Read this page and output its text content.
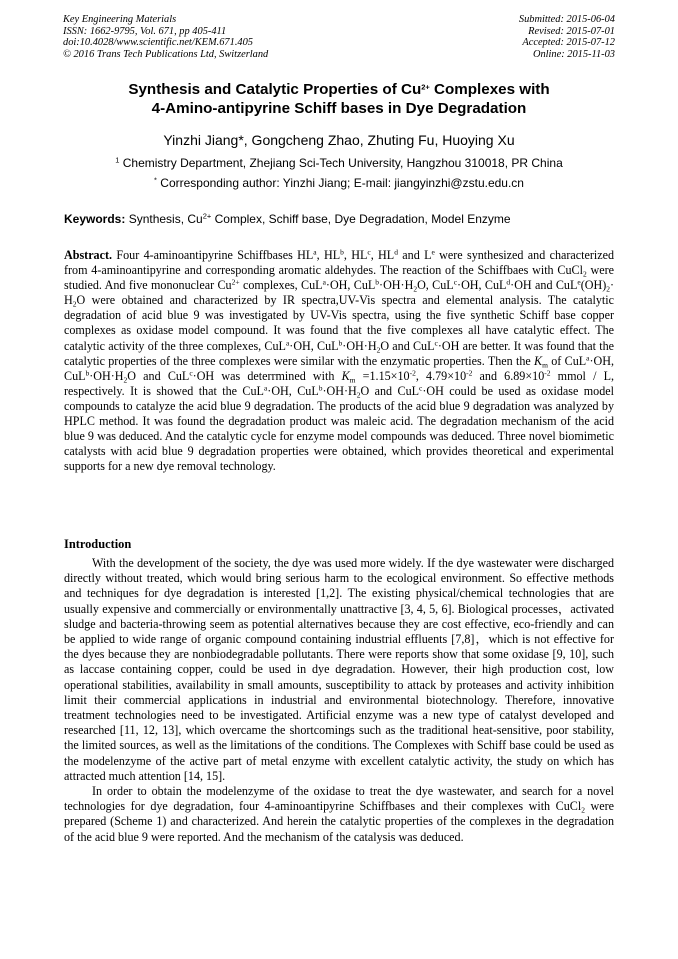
Key Engineering Materials
ISSN: 1662-9795, Vol. 671, pp 405-411
doi:10.4028/www.scientific.net/KEM.671.405
© 2016 Trans Tech Publications Ltd, Switzerland
Submitted: 2015-06-04
Revised: 2015-07-01
Accepted: 2015-07-12
Online: 2015-11-03
Synthesis and Catalytic Properties of $Cu^{2+}$ Complexes with
4-Amino-antipyrine Schiff bases in Dye Degradation
Yinzhi Jiang*, Gongcheng Zhao, Zhuting Fu, Huoying Xu
$^1$ Chemistry Department, Zhejiang Sci-Tech University, Hangzhou 310018, PR China
* Corresponding author: Yinzhi Jiang; E-mail: jiangyinzhi@zstu.edu.cn
Keywords: Synthesis, $Cu^{2+}$ Complex, Schiff base, Dye Degradation, Model Enzyme
Abstract. Four 4-aminoantipyrine Schiffbases $HL^a$, $HL^b$, $HL^c$, $HL^d$ and Le were synthesized and characterized from 4-aminoantipyrine and corresponding aromatic aldehydes. The reaction of the Schiffbaes with CuCl$_2$ were studied. And five mononuclear $Cu^{2+}$ complexes, CuL$^a$·OH, $CuL^b\cdot OH\cdot H_2O$, CuL$^c$·OH, CuL$^d$·OH and $CuL^e(OH)_2\cdot H_2O$ were obtained and characterized by IR spectra,UV-Vis spectra and elemental analysis. The catalytic degradation of acid blue 9 was investigated by UV-Vis spectra, using the five synthetic Schiff base copper complexes as oxidase model compound. It was found that the five complexes all have catalytic effect. The catalytic activity of the three complexes, CuL$^a$·OH, $CuL^b\cdot OH\cdot H_2O$ and CuL$^c$·OH are better. It was found that the catalytic properties of the three complexes were similar with the enzymatic properties. Then the $K_m$ of CuL$^a$·OH, $CuL^b\cdot OH\cdot H_2O$ and CuL$^c$·OH was deterrmined with $K_m =1.15\times 10^{-2}$, $4.79\times 10^{-2}$ and $6.89\times 10^{-2}$ mmol / L, respectively. It is showed that the CuL$^a$·OH, $CuL^b\cdot OH\cdot H_2O$ and CuL$^c$·OH could be used as oxidase model compounds to catalyze the acid blue 9 degradation. The products of the acid blue 9 degradation was analyzed by HPLC method. It was found the degradation product was maleic acid. The degradation mechanism of the acid blue 9 was deduced. And the catalytic cycle for enzyme model compounds was deduced. Three novel biomimetic catalysts with acid blue 9 degradation properties were obtained, which provides theoretical and experimental supports for a new dye removal technology.
Introduction

With the development of the society, the dye was used more widely. If the dye wastewater were discharged directly without treated, which would bring serious harm to the ecological environment. So effective methods and techniques for dye degradation is interested [1,2]. The existing physical/chemical technologies that are usually expensive and commercially or environmentally unattractive [3, 4, 5, 6]. Biological processes，activated sludge and bacteria-throwing seem as potential alternatives because they are cost effective, eco-friendly and can be applied to wide range of organic compound containing industrial effluents [7,8]，which is not effective for the dyes because they are nonbiodegradable pollutants. There were reports show that some oxidase [9, 10], such as laccase containing copper, could be used in dye degradation. However, their high production cost, low operational stabilities, availability in small amounts, susceptibility to attack by proteases and activity inhibition limit their commercial applications in industrial and environmental biotechnology. Therefore, innovative treatment technologies need to be investigated. Artificial enzyme was a new type of catalyst developed and researched [11, 12, 13], which overcame the shortcomings such as the traditional heat-sensitive, poor stability, the limited sources, as well as the limitations of the conditions. The Complexes with Schiff base could be used as the modelenzyme of the active part of metal enzyme with excellent catalytic activity, the study on which has attracted much attention [14, 15].

In order to obtain the modelenzyme of the oxidase to treat the dye wastewater, and search for a novel technologies for dye degradation, four 4-aminoantipyrine Schiffbases and their complexes with CuCl$_2$ were prepared (Scheme 1) and characterized. And herein the catalytic properties of the complexes in the degradation of the acid blue 9 were reported. And the mechanism of the catalysis was deduced.
